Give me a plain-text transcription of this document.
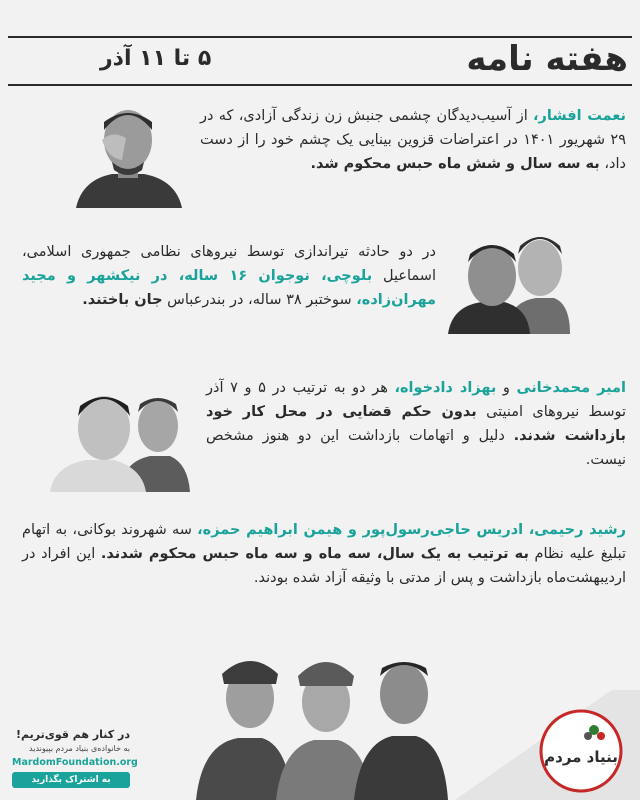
هفته نامه
۵ تا ۱۱ آذر
نعمت افشار، از آسیب‌دیدگان چشمی جنبش زن زندگی آزادی، که در ۲۹ شهریور ۱۴۰۱ در اعتراضات قزوین بینایی یک چشم خود را از دست داد، به سه سال و شش ماه حبس محکوم شد.
در دو حادثه تیراندازی توسط نیروهای نظامی جمهوری اسلامی، اسماعیل بلوچی، نوجوان ۱۶ ساله، در نیکشهر و مجید مهران‌زاده، سوختبر ۳۸ ساله، در بندرعباس جان باختند.
امیر محمدخانی و بهزاد دادخواه، هر دو به ترتیب در ۵ و ۷ آذر توسط نیروهای امنیتی بدون حکم قضایی در محل کار خود بازداشت شدند. دلیل و اتهامات بازداشت این دو هنوز مشخص نیست.
رشید رحیمی، ادریس حاجی‌رسول‌پور و هیمن ابراهیم حمزه، سه شهروند بوکانی، به اتهام تبلیغ علیه نظام به ترتیب به یک سال، سه ماه و سه ماه حبس محکوم شدند. این افراد در اردیبهشت‌ماه بازداشت و پس از مدتی با وثیقه آزاد شده بودند.
در کنار هم قوی‌تریم!
به خانواده‌ی بنیاد مردم بپیوندید
MardomFoundation.org
به اشتراک بگذارید
بنیاد مردم
